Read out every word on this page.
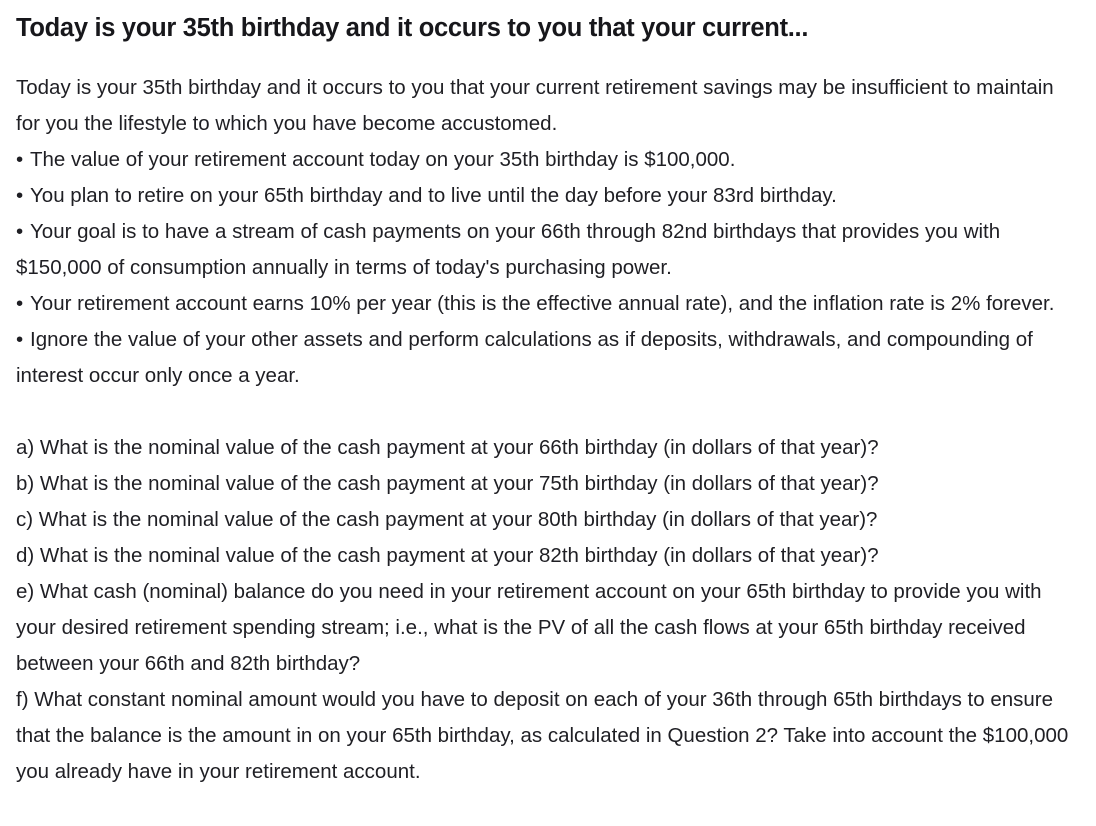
Today is your 35th birthday and it occurs to you that your current...
Today is your 35th birthday and it occurs to you that your current retirement savings may be insufficient to maintain for you the lifestyle to which you have become accustomed.
• The value of your retirement account today on your 35th birthday is $100,000.
• You plan to retire on your 65th birthday and to live until the day before your 83rd birthday.
• Your goal is to have a stream of cash payments on your 66th through 82nd birthdays that provides you with $150,000 of consumption annually in terms of today's purchasing power.
• Your retirement account earns 10% per year (this is the effective annual rate), and the inflation rate is 2% forever.
• Ignore the value of your other assets and perform calculations as if deposits, withdrawals, and compounding of interest occur only once a year.
a) What is the nominal value of the cash payment at your 66th birthday (in dollars of that year)?
b) What is the nominal value of the cash payment at your 75th birthday (in dollars of that year)?
c) What is the nominal value of the cash payment at your 80th birthday (in dollars of that year)?
d) What is the nominal value of the cash payment at your 82th birthday (in dollars of that year)?
e) What cash (nominal) balance do you need in your retirement account on your 65th birthday to provide you with your desired retirement spending stream; i.e., what is the PV of all the cash flows at your 65th birthday received between your 66th and 82th birthday?
f) What constant nominal amount would you have to deposit on each of your 36th through 65th birthdays to ensure that the balance is the amount in on your 65th birthday, as calculated in Question 2? Take into account the $100,000 you already have in your retirement account.
